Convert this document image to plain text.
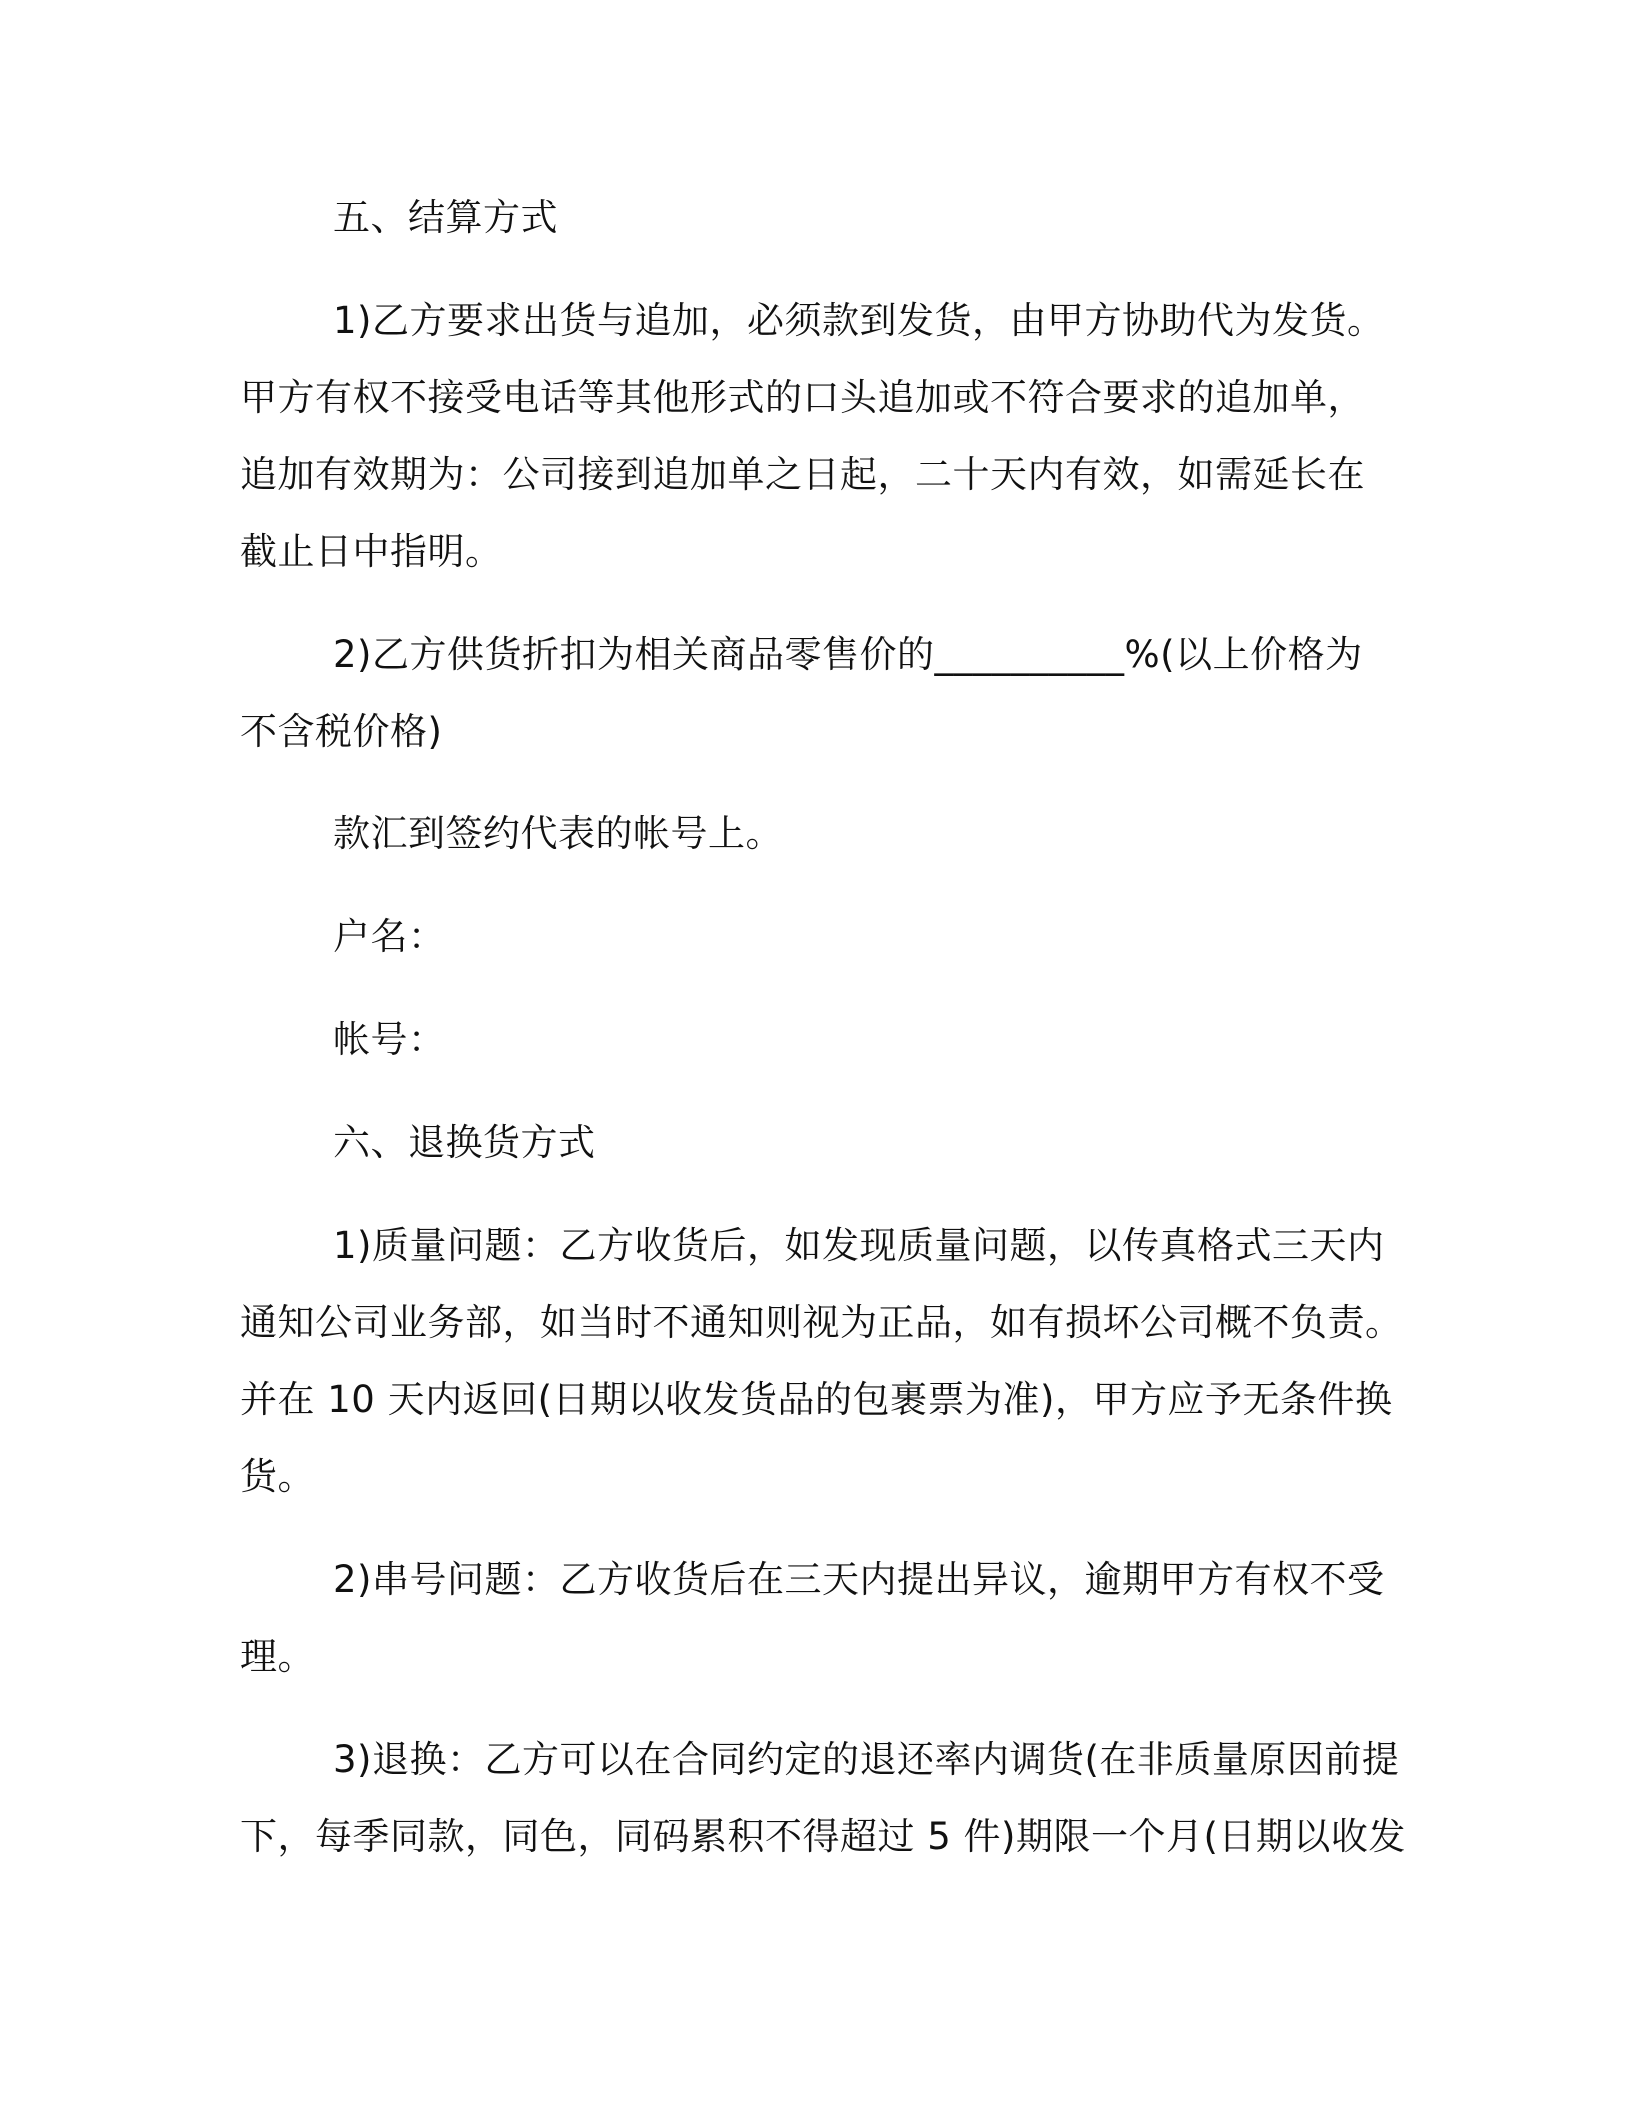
五、结算方式
1)乙方要求出货与追加，必须款到发货，由甲方协助代为发货。
甲方有权不接受电话等其他形式的口头追加或不符合要求的追加单，
追加有效期为：公司接到追加单之日起，二十天内有效，如需延长在
截止日中指明。
2)乙方供货折扣为相关商品零售价的__________%(以上价格为
不含税价格)
款汇到签约代表的帐号上。
户名：
帐号：
六、退换货方式
1)质量问题：乙方收货后，如发现质量问题，以传真格式三天内
通知公司业务部，如当时不通知则视为正品，如有损坏公司概不负责。
并在 10 天内返回(日期以收发货品的包裹票为准)，甲方应予无条件换
货。
2)串号问题：乙方收货后在三天内提出异议，逾期甲方有权不受
理。
3)退换：乙方可以在合同约定的退还率内调货(在非质量原因前提
下，每季同款，同色，同码累积不得超过 5 件)期限一个月(日期以收发
